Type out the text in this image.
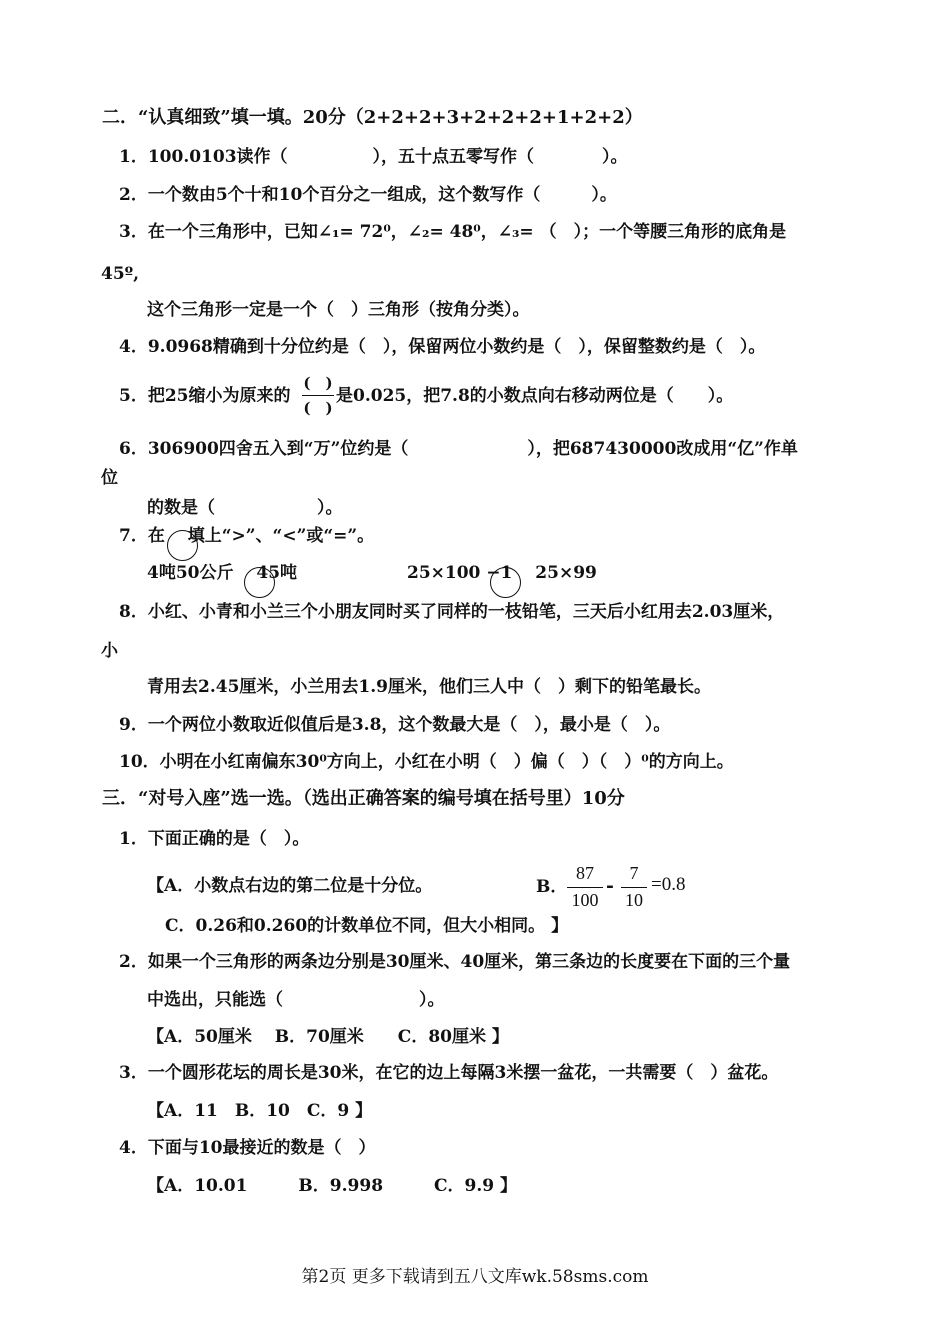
二．“认真细致”填一填。20分（2+2+2+3+2+2+2+1+2+2）
1．100.0103读作（　　　　　），五十点五零写作（　　　　）。
2．一个数由5个十和10个百分之一组成，这个数写作（　　　）。
3．在一个三角形中，已知∠₁= 72⁰，∠₂= 48⁰，∠₃= （　）；一个等腰三角形的底角是
45º,
这个三角形一定是一个（　）三角形（按角分类）。
4．9.0968精确到十分位约是（　），保留两位小数约是（　），保留整数约是（　）。
5．把25缩小为原来的
(　)
(　)
是0.025，把7.8的小数点向右移动两位是（　　）。
6．306900四舍五入到“万”位约是（　　　　　　　），把687430000改成用“亿”作单
位
的数是（　　　　　　）。
7．在　 填上“>”、“<”或“=”。
4吨50公斤　 45吨	25×100 −1　 25×99
8．小红、小青和小兰三个小朋友同时买了同样的一枝铅笔，三天后小红用去2.03厘米，
小
青用去2.45厘米，小兰用去1.9厘米，他们三人中（　）剩下的铅笔最长。
9．一个两位小数取近似值后是3.8，这个数最大是（　），最小是（　）。
10．小明在小红南偏东30⁰方向上，小红在小明（　）偏（　）（　）⁰的方向上。
三．“对号入座”选一选。（选出正确答案的编号填在括号里）10分
1．下面正确的是（　）。
【A．小数点右边的第二位是十分位。	B．
87
100
-
7
10
=0.8
C．0.26和0.260的计数单位不同，但大小相同。 】
2．如果一个三角形的两条边分别是30厘米、40厘米，第三条边的长度要在下面的三个量
中选出，只能选（　　　　　　　　）。
【A．50厘米　 B．70厘米　　C．80厘米 】
3．一个圆形花坛的周长是30米，在它的边上每隔3米摆一盆花，一共需要（　）盆花。
【A．11　B．10　C．9 】
4．下面与10最接近的数是（　）
【A．10.01　　　B．9.998　　　C．9.9 】
第2页 更多下载请到五八文库wk.58sms.com
